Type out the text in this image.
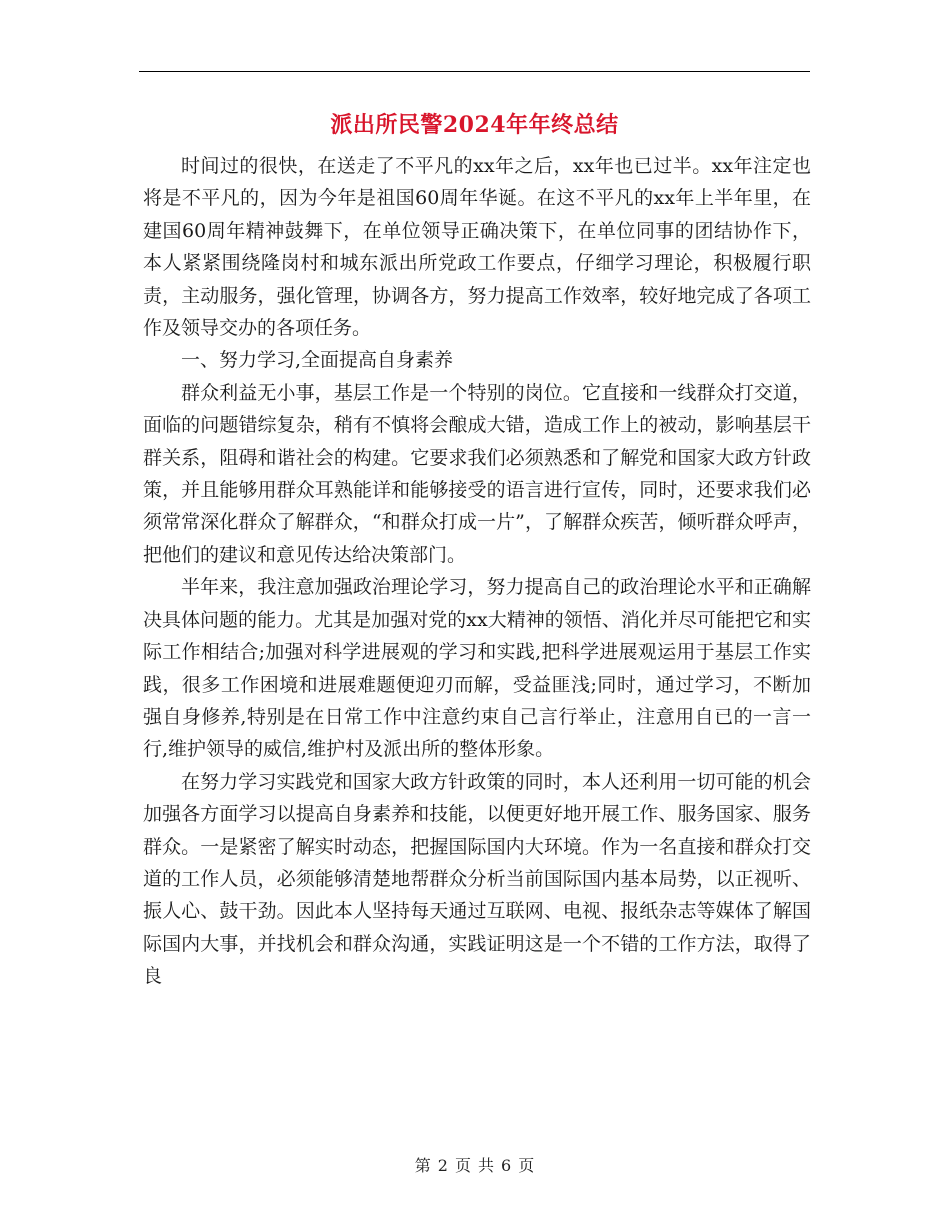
派出所民警2024年年终总结

时间过的很快，在送走了不平凡的xx年之后，xx年也已过半。xx年注定也将是不平凡的，因为今年是祖国60周年华诞。在这不平凡的xx年上半年里，在建国60周年精神鼓舞下，在单位领导正确决策下，在单位同事的团结协作下，本人紧紧围绕隆岗村和城东派出所党政工作要点，仔细学习理论，积极履行职责，主动服务，强化管理，协调各方，努力提高工作效率，较好地完成了各项工作及领导交办的各项任务。

一、努力学习,全面提高自身素养

群众利益无小事，基层工作是一个特别的岗位。它直接和一线群众打交道，面临的问题错综复杂，稍有不慎将会酿成大错，造成工作上的被动，影响基层干群关系，阻碍和谐社会的构建。它要求我们必须熟悉和了解党和国家大政方针政策，并且能够用群众耳熟能详和能够接受的语言进行宣传，同时，还要求我们必须常常深化群众了解群众，“和群众打成一片”，了解群众疾苦，倾听群众呼声，把他们的建议和意见传达给决策部门。

半年来，我注意加强政治理论学习，努力提高自己的政治理论水平和正确解决具体问题的能力。尤其是加强对党的xx大精神的领悟、消化并尽可能把它和实际工作相结合;加强对科学进展观的学习和实践,把科学进展观运用于基层工作实践，很多工作困境和进展难题便迎刃而解，受益匪浅;同时，通过学习，不断加强自身修养,特别是在日常工作中注意约束自己言行举止，注意用自已的一言一行,维护领导的威信,维护村及派出所的整体形象。

在努力学习实践党和国家大政方针政策的同时，本人还利用一切可能的机会加强各方面学习以提高自身素养和技能，以便更好地开展工作、服务国家、服务群众。一是紧密了解实时动态，把握国际国内大环境。作为一名直接和群众打交道的工作人员，必须能够清楚地帮群众分析当前国际国内基本局势，以正视听、振人心、鼓干劲。因此本人坚持每天通过互联网、电视、报纸杂志等媒体了解国际国内大事，并找机会和群众沟通，实践证明这是一个不错的工作方法，取得了良

第 2 页 共 6 页
